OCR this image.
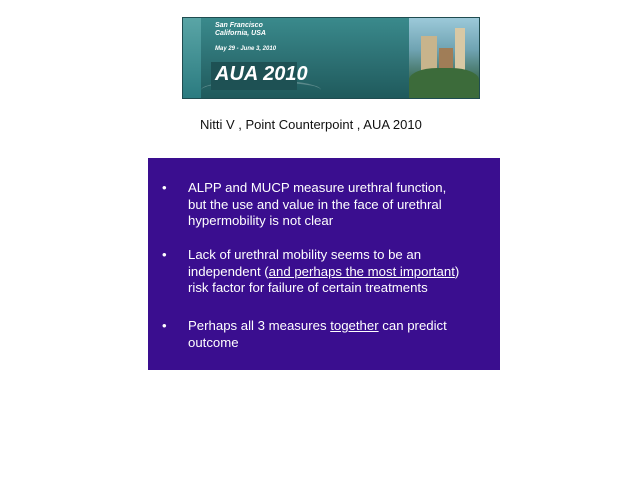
San Francisco
California, USA
May 29 - June 3, 2010
AUA 2010
Nitti V , Point Counterpoint , AUA 2010
•	ALPP and MUCP measure urethral function,
but the use and value in the face of urethral
hypermobility is not clear
•	Lack of urethral mobility seems to be an
independent (and perhaps the most important)
risk factor for failure of certain treatments
•	Perhaps all 3 measures together can predict
outcome
